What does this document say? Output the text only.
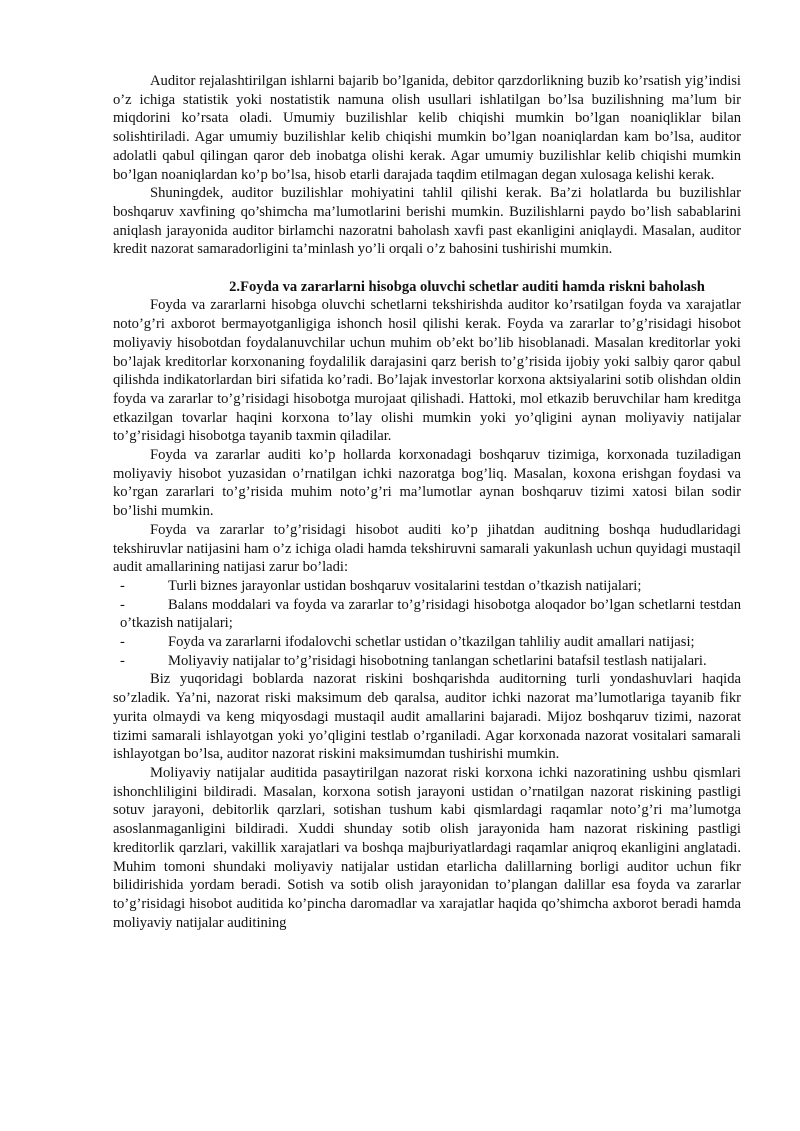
Auditor rejalashtirilgan ishlarni bajarib bo’lganida, debitor qarzdorlikning buzib ko’rsatish yig’indisi o’z ichiga statistik yoki nostatistik namuna olish usullari ishlatilgan bo’lsa buzilishning ma’lum bir miqdorini ko’rsata oladi. Umumiy buzilishlar kelib chiqishi mumkin bo’lgan noaniqliklar bilan solishtiriladi. Agar umumiy buzilishlar kelib chiqishi mumkin bo’lgan noaniqlardan kam bo’lsa, auditor adolatli qabul qilingan qaror deb inobatga olishi kerak. Agar umumiy buzilishlar kelib chiqishi mumkin bo’lgan noaniqlardan ko’p bo’lsa, hisob etarli darajada taqdim etilmagan degan xulosaga kelishi kerak.

Shuningdek, auditor buzilishlar mohiyatini tahlil qilishi kerak. Ba’zi holatlarda bu buzilishlar boshqaruv xavfining qo’shimcha ma’lumotlarini berishi mumkin. Buzilishlarni paydo bo’lish sabablarini aniqlash jarayonida auditor birlamchi nazoratni baholash xavfi past ekanligini aniqlaydi. Masalan, auditor kredit nazorat samaradorligini ta’minlash yo’li orqali o’z bahosini tushirishi mumkin.

2.Foyda va zararlarni hisobga oluvchi schetlar auditi hamda riskni baholash

Foyda va zararlarni hisobga oluvchi schetlarni tekshirishda auditor ko’rsatilgan foyda va xarajatlar noto’g’ri axborot bermayotganligiga ishonch hosil qilishi kerak. Foyda va zararlar to’g’risidagi hisobot moliyaviy hisobotdan foydalanuvchilar uchun muhim ob’ekt bo’lib hisoblanadi. Masalan kreditorlar yoki bo’lajak kreditorlar korxonaning foydalilik darajasini qarz berish to’g’risida ijobiy yoki salbiy qaror qabul qilishda indikatorlardan biri sifatida ko’radi. Bo’lajak investorlar korxona aktsiyalarini sotib olishdan oldin foyda va zararlar to’g’risidagi hisobotga murojaat qilishadi. Hattoki, mol etkazib beruvchilar ham kreditga etkazilgan tovarlar haqini korxona to’lay olishi mumkin yoki yo’qligini aynan moliyaviy natijalar to’g’risidagi hisobotga tayanib taxmin qiladilar.

Foyda va zararlar auditi ko’p hollarda korxonadagi boshqaruv tizimiga, korxonada tuziladigan moliyaviy hisobot yuzasidan o’rnatilgan ichki nazoratga bog’liq. Masalan, koxona erishgan foydasi va ko’rgan zararlari to’g’risida muhim noto’g’ri ma’lumotlar aynan boshqaruv tizimi xatosi bilan sodir bo’lishi mumkin.

Foyda va zararlar to’g’risidagi hisobot auditi ko’p jihatdan auditning boshqa hududlaridagi tekshiruvlar natijasini ham o’z ichiga oladi hamda tekshiruvni samarali yakunlash uchun quyidagi mustaqil audit amallarining natijasi zarur bo’ladi:

-	Turli biznes jarayonlar ustidan boshqaruv vositalarini testdan o’tkazish natijalari;

-	Balans moddalari va foyda va zararlar to’g’risidagi hisobotga aloqador bo’lgan schetlarni testdan o’tkazish natijalari;

-	Foyda va zararlarni ifodalovchi schetlar ustidan o’tkazilgan tahliliy audit amallari natijasi;

-	Moliyaviy natijalar to’g’risidagi hisobotning tanlangan schetlarini batafsil testlash natijalari.

Biz yuqoridagi boblarda nazorat riskini boshqarishda auditorning turli yondashuvlari haqida so’zladik. Ya’ni, nazorat riski maksimum deb qaralsa, auditor ichki nazorat ma’lumotlariga tayanib fikr yurita olmaydi va keng miqyosdagi mustaqil audit amallarini bajaradi. Mijoz boshqaruv tizimi, nazorat tizimi samarali ishlayotgan yoki yo’qligini testlab o’rganiladi. Agar korxonada nazorat vositalari samarali ishlayotgan bo’lsa, auditor nazorat riskini maksimumdan tushirishi mumkin.

Moliyaviy natijalar auditida pasaytirilgan nazorat riski korxona ichki nazoratining ushbu qismlari ishonchliligini bildiradi. Masalan, korxona sotish jarayoni ustidan o’rnatilgan nazorat riskining pastligi sotuv jarayoni, debitorlik qarzlari, sotishan tushum kabi qismlardagi raqamlar noto’g’ri ma’lumotga asoslanmaganligini bildiradi. Xuddi shunday sotib olish jarayonida ham nazorat riskining pastligi kreditorlik qarzlari, vakillik xarajatlari va boshqa majburiyatlardagi raqamlar aniqroq ekanligini anglatadi. Muhim tomoni shundaki moliyaviy natijalar ustidan etarlicha dalillarning borligi auditor uchun fikr bilidirishida yordam beradi. Sotish va sotib olish jarayonidan to’plangan dalillar esa foyda va zararlar to’g’risidagi hisobot auditida ko’pincha daromadlar va xarajatlar haqida qo’shimcha axborot beradi hamda moliyaviy natijalar auditining
